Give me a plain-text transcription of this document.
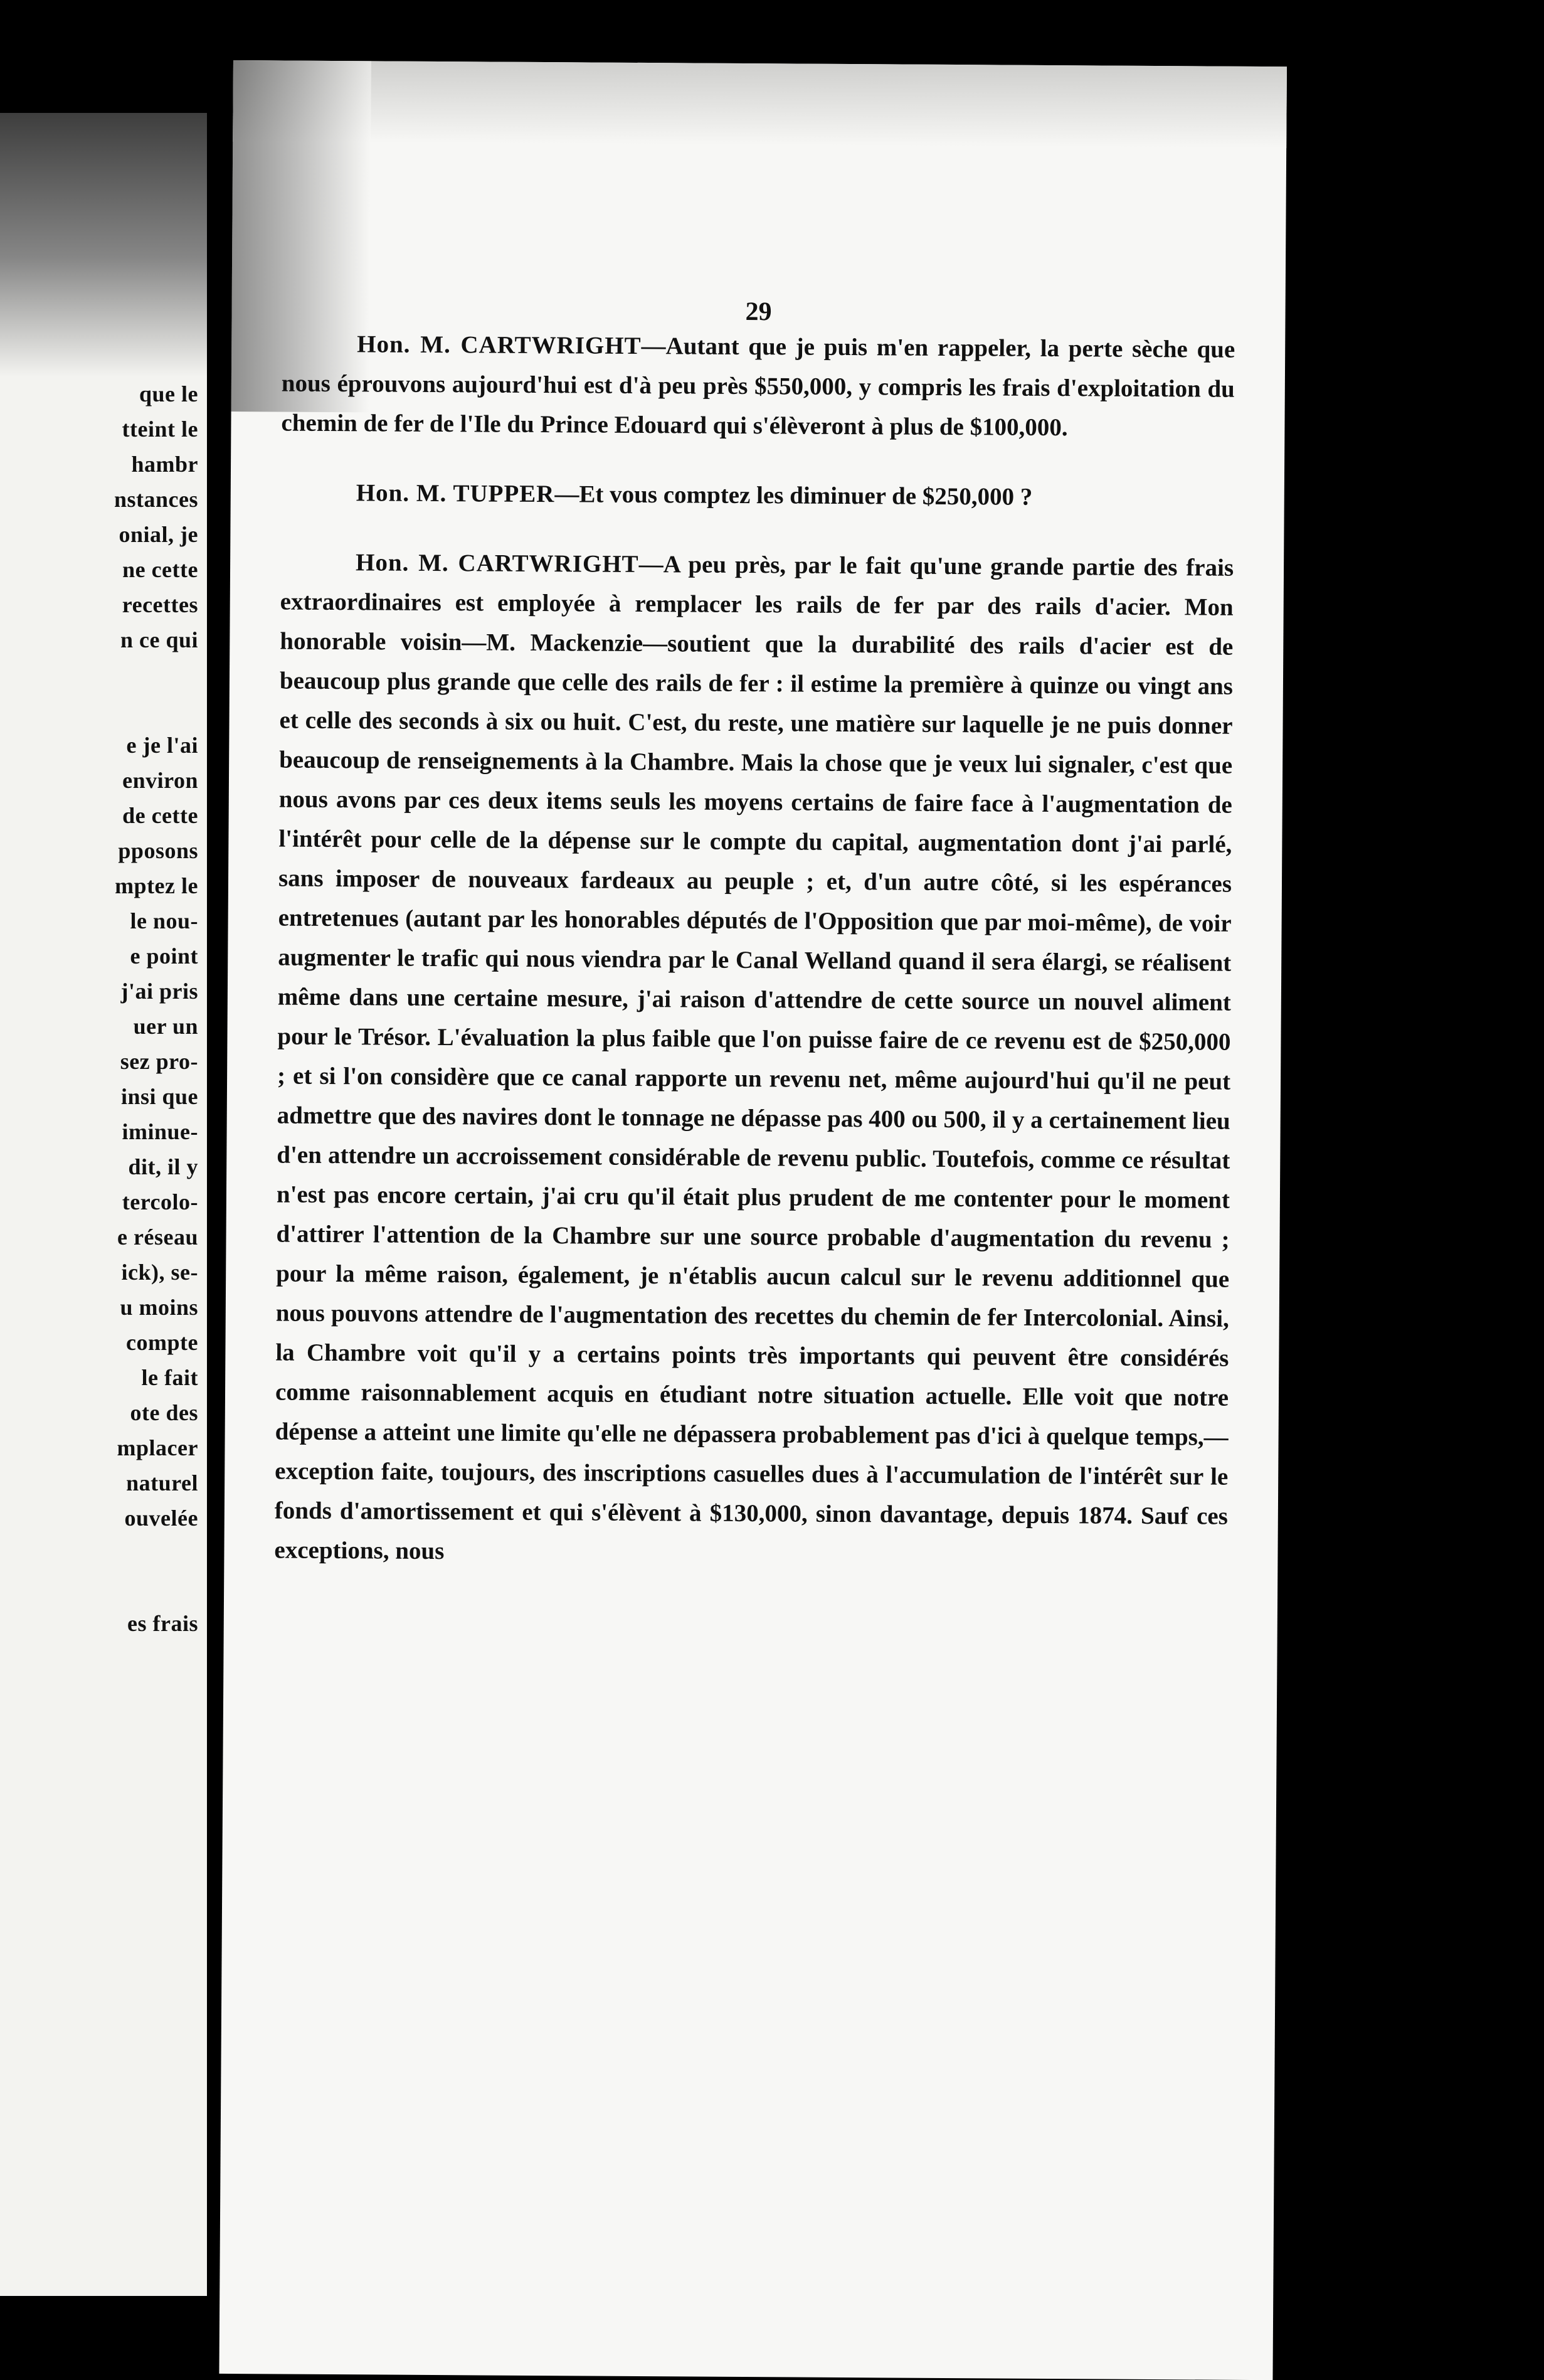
que le
tteint le
hambr
nstances
onial, je
ne cette
recettes
n ce qui
e je l'ai
environ
de cette
pposons
mptez le
le nou-
e point
j'ai pris
uer un
sez pro-
insi que
iminue-
dit, il y
tercolo-
e réseau
ick), se-
u moins
compte
le fait
ote des
mplacer
naturel
ouvelée
es frais
29

Hon. M. CARTWRIGHT—Autant que je puis m'en rappeler, la perte sèche que nous éprouvons aujourd'hui est d'à peu près $550,000, y compris les frais d'exploitation du chemin de fer de l'Ile du Prince Edouard qui s'élèveront à plus de $100,000.

Hon. M. TUPPER—Et vous comptez les diminuer de $250,000 ?

Hon. M. CARTWRIGHT—A peu près, par le fait qu'une grande partie des frais extraordinaires est employée à remplacer les rails de fer par des rails d'acier. Mon honorable voisin—M. Mackenzie—soutient que la durabilité des rails d'acier est de beaucoup plus grande que celle des rails de fer : il estime la première à quinze ou vingt ans et celle des seconds à six ou huit. C'est, du reste, une matière sur laquelle je ne puis donner beaucoup de renseignements à la Chambre. Mais la chose que je veux lui signaler, c'est que nous avons par ces deux items seuls les moyens certains de faire face à l'augmentation de l'intérêt pour celle de la dépense sur le compte du capital, augmentation dont j'ai parlé, sans imposer de nouveaux fardeaux au peuple ; et, d'un autre côté, si les espérances entretenues (autant par les honorables députés de l'Opposition que par moi-même), de voir augmenter le trafic qui nous viendra par le Canal Welland quand il sera élargi, se réalisent même dans une certaine mesure, j'ai raison d'attendre de cette source un nouvel aliment pour le Trésor. L'évaluation la plus faible que l'on puisse faire de ce revenu est de $250,000 ; et si l'on considère que ce canal rapporte un revenu net, même aujourd'hui qu'il ne peut admettre que des navires dont le tonnage ne dépasse pas 400 ou 500, il y a certainement lieu d'en attendre un accroissement considérable de revenu public. Toutefois, comme ce résultat n'est pas encore certain, j'ai cru qu'il était plus prudent de me contenter pour le moment d'attirer l'attention de la Chambre sur une source probable d'augmentation du revenu ; pour la même raison, également, je n'établis aucun calcul sur le revenu additionnel que nous pouvons attendre de l'augmentation des recettes du chemin de fer Intercolonial. Ainsi, la Chambre voit qu'il y a certains points très importants qui peuvent être considérés comme raisonnablement acquis en étudiant notre situation actuelle. Elle voit que notre dépense a atteint une limite qu'elle ne dépassera probablement pas d'ici à quelque temps,—exception faite, toujours, des inscriptions casuelles dues à l'accumulation de l'intérêt sur le fonds d'amortissement et qui s'élèvent à $130,000, sinon davantage, depuis 1874. Sauf ces exceptions, nous
